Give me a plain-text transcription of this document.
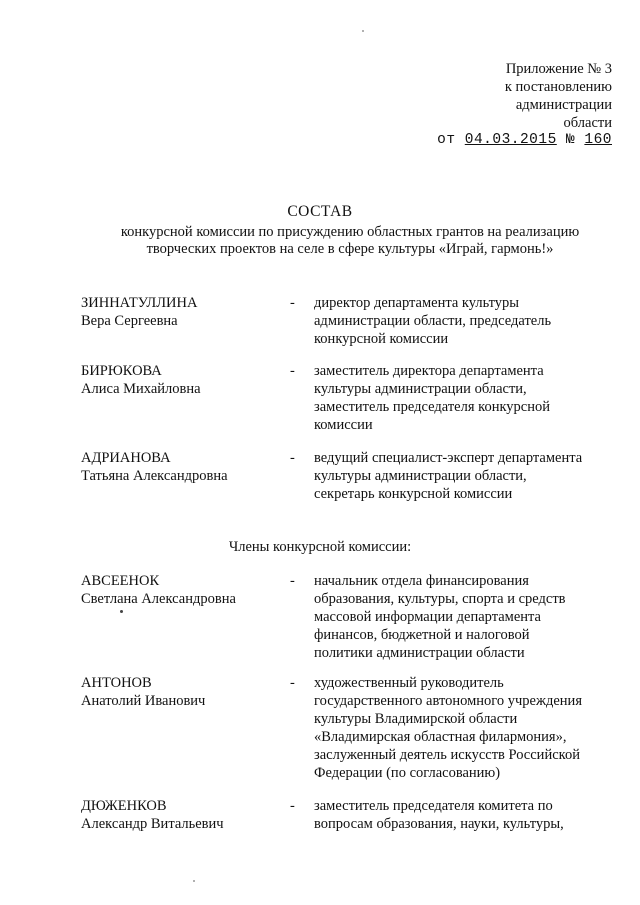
Приложение № 3
к постановлению
администрации
области
от 04.03.2015 № 160
СОСТАВ
конкурсной комиссии по присуждению областных грантов на реализацию
творческих проектов на селе в сфере культуры «Играй, гармонь!»
ЗИННАТУЛЛИНА
Вера Сергеевна
- директор департамента культуры
администрации области, председатель
конкурсной комиссии
БИРЮКОВА
Алиса Михайловна
- заместитель директора департамента
культуры администрации области,
заместитель председателя конкурсной
комиссии
АДРИАНОВА
Татьяна Александровна
- ведущий специалист-эксперт департамента
культуры администрации области,
секретарь конкурсной комиссии
Члены конкурсной комиссии:
АВСЕЕНОК
Светлана Александровна
- начальник отдела финансирования
образования, культуры, спорта и средств
массовой информации департамента
финансов, бюджетной и налоговой
политики администрации области
АНТОНОВ
Анатолий Иванович
- художественный руководитель
государственного автономного учреждения
культуры Владимирской области
«Владимирская областная филармония»,
заслуженный деятель искусств Российской
Федерации (по согласованию)
ДЮЖЕНКОВ
Александр Витальевич
- заместитель председателя комитета по
вопросам образования, науки, культуры,
